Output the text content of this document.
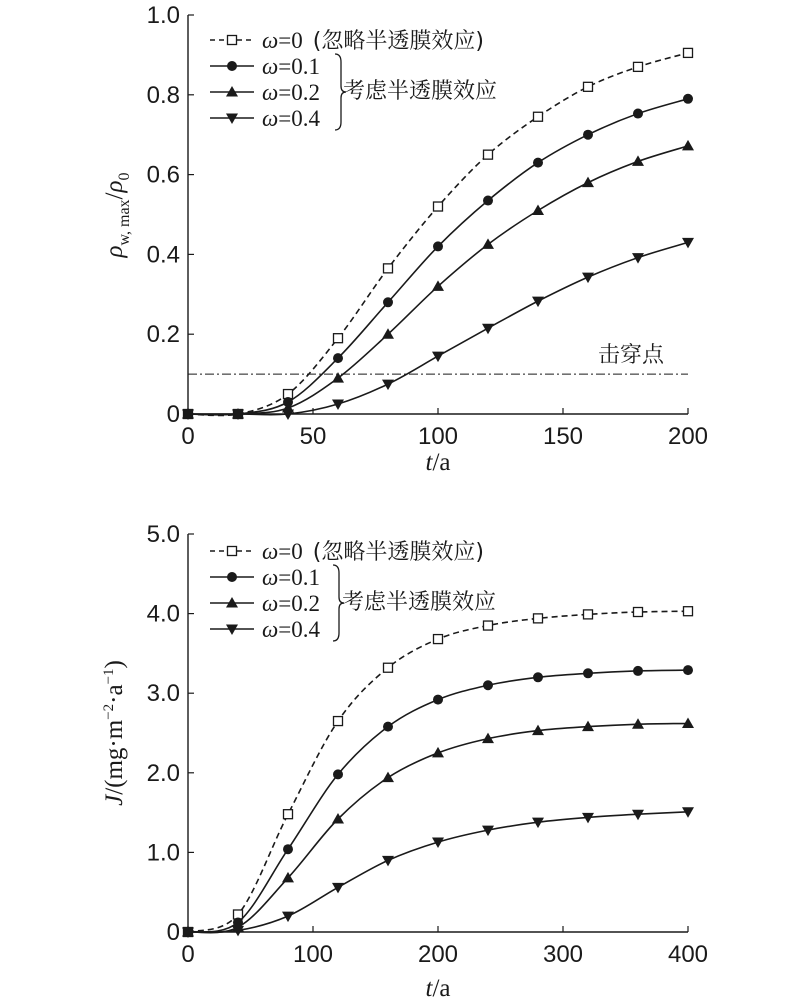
0	50	100	150	200
0
0.2
0.4
0.6
0.8
1.0
t/a
$\rho_{w, max}/\rho_0$
击穿点
ω=0 (忽略半透膜效应)
ω=0.1
ω=0.2
ω=0.4
考虑半透膜效应
0	100	200	300	400
0
1.0
2.0
3.0
4.0
5.0
t/a
$J/(mg\cdot m^{-2}\cdot a^{-1})$
ω=0 (忽略半透膜效应)
ω=0.1
ω=0.2
ω=0.4
考虑半透膜效应
